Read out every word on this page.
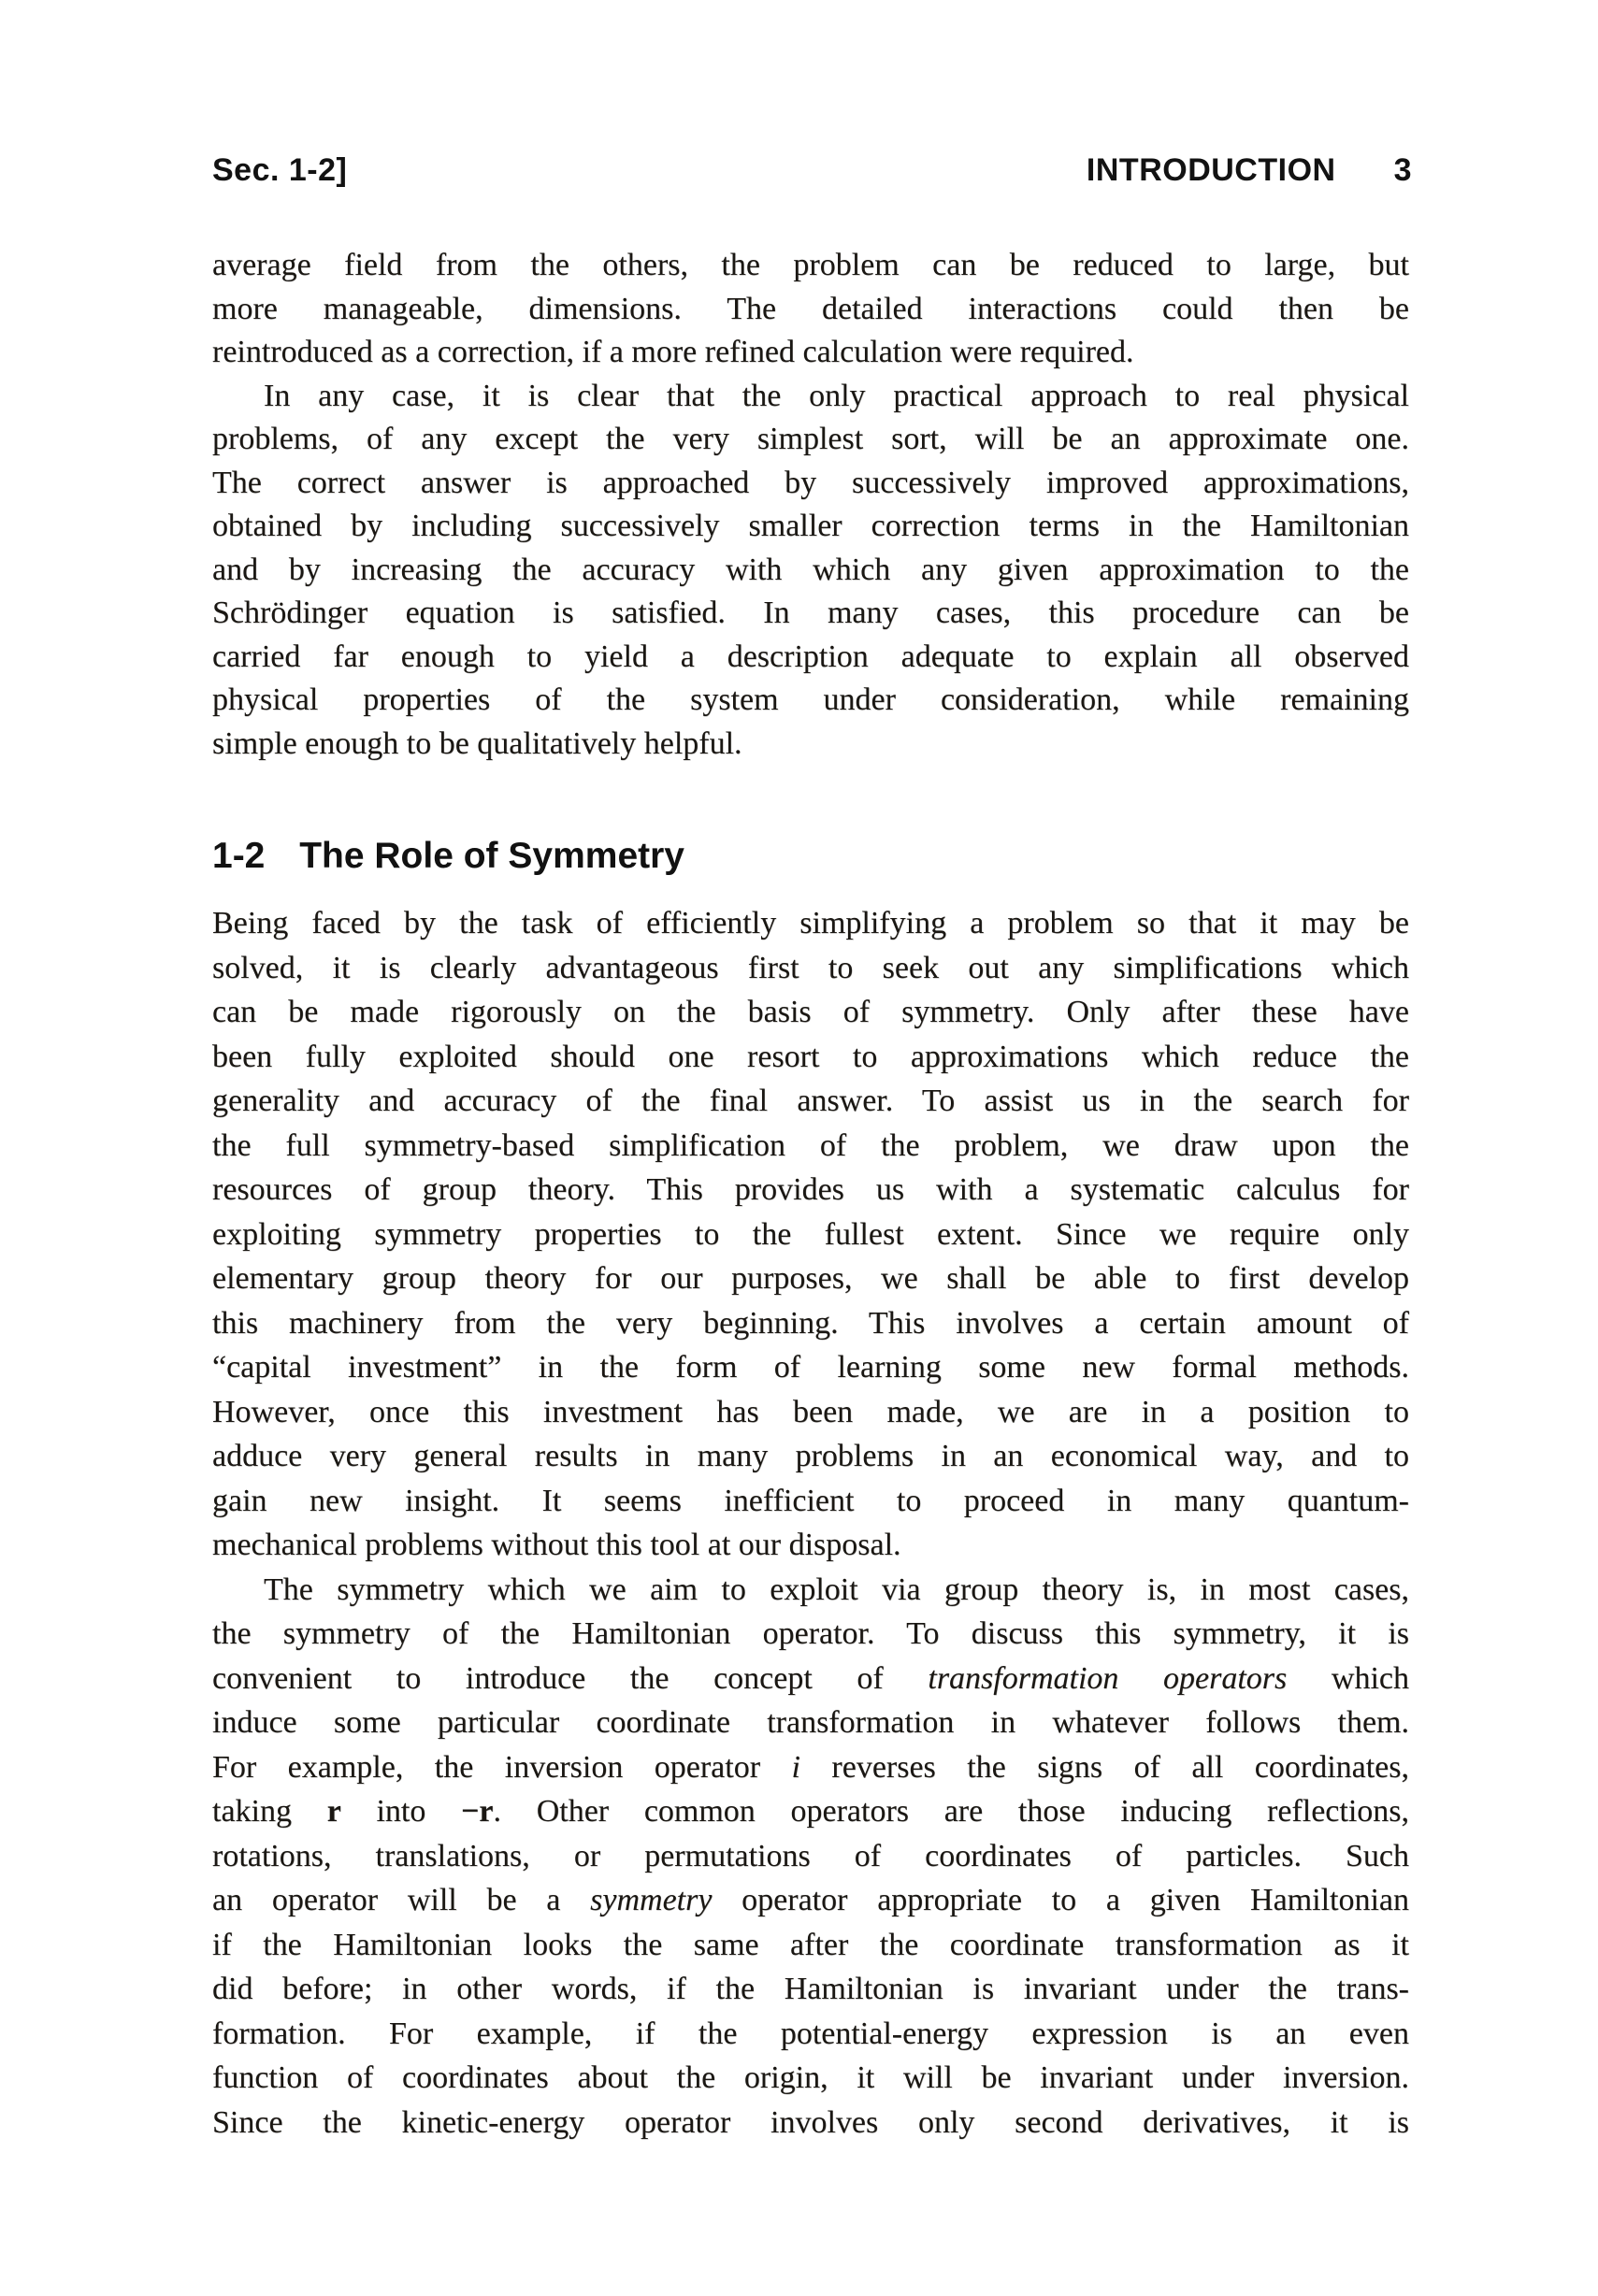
Sec. 1-2]	INTRODUCTION 3
average field from the others, the problem can be reduced to large, but
more manageable, dimensions. The detailed interactions could then be
reintroduced as a correction, if a more refined calculation were required.
In any case, it is clear that the only practical approach to real physical
problems, of any except the very simplest sort, will be an approximate one.
The correct answer is approached by successively improved approximations,
obtained by including successively smaller correction terms in the Hamiltonian
and by increasing the accuracy with which any given approximation to the
Schrödinger equation is satisfied. In many cases, this procedure can be
carried far enough to yield a description adequate to explain all observed
physical properties of the system under consideration, while remaining
simple enough to be qualitatively helpful.
1-2 The Role of Symmetry
Being faced by the task of efficiently simplifying a problem so that it may be
solved, it is clearly advantageous first to seek out any simplifications which
can be made rigorously on the basis of symmetry. Only after these have
been fully exploited should one resort to approximations which reduce the
generality and accuracy of the final answer. To assist us in the search for
the full symmetry-based simplification of the problem, we draw upon the
resources of group theory. This provides us with a systematic calculus for
exploiting symmetry properties to the fullest extent. Since we require only
elementary group theory for our purposes, we shall be able to first develop
this machinery from the very beginning. This involves a certain amount of
“capital investment” in the form of learning some new formal methods.
However, once this investment has been made, we are in a position to
adduce very general results in many problems in an economical way, and to
gain new insight. It seems inefficient to proceed in many quantum-
mechanical problems without this tool at our disposal.
The symmetry which we aim to exploit via group theory is, in most cases,
the symmetry of the Hamiltonian operator. To discuss this symmetry, it is
convenient to introduce the concept of transformation operators which
induce some particular coordinate transformation in whatever follows them.
For example, the inversion operator i reverses the signs of all coordinates,
taking r into −r. Other common operators are those inducing reflections,
rotations, translations, or permutations of coordinates of particles. Such
an operator will be a symmetry operator appropriate to a given Hamiltonian
if the Hamiltonian looks the same after the coordinate transformation as it
did before; in other words, if the Hamiltonian is invariant under the trans-
formation. For example, if the potential-energy expression is an even
function of coordinates about the origin, it will be invariant under inversion.
Since the kinetic-energy operator involves only second derivatives, it is
